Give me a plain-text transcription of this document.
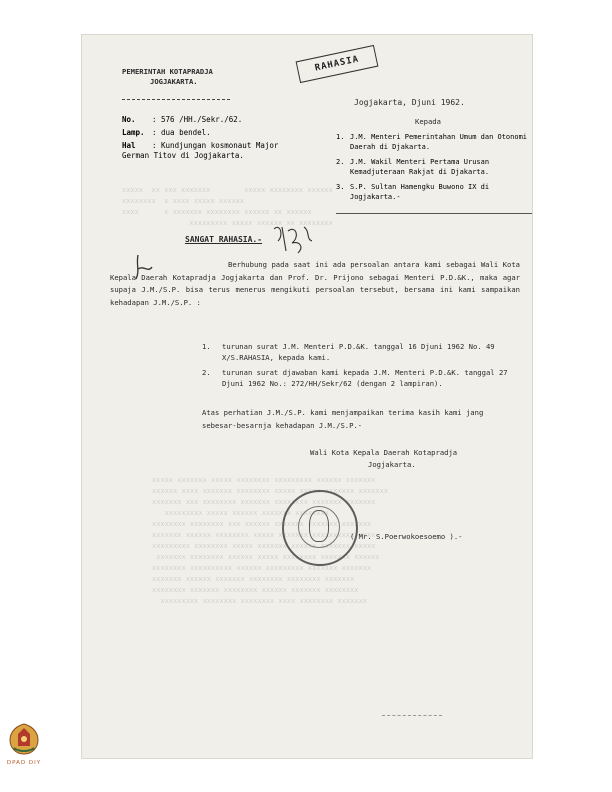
xxxxx  xx xxx xxxxxxx        xxxxx xxxxxxxx xxxxxx
xxxxxxxx  x xxxx xxxxx xxxxxx
xxxx      x xxxxxxx xxxxxxxx xxxxxx xx xxxxxx
xxxxxxxxx xxxxx xxxxxx xx xxxxxxxx
xxxxx xxxxxxx xxxxx xxxxxxxx xxxxxxxxx xxxxxx xxxxxxx
xxxxxx xxxx xxxxxxx xxxxxxxx xxxxx xxxxx xxxxxxx xxxxxxx
xxxxxxx xxx xxxxxxxx xxxxxxx xxxxxxxx xxxxxxx xxxxxxx
xxxxxxxxx xxxxx xxxxxx xxxxxxx xxxxxxxx
xxxxxxxx xxxxxxxx xxx xxxxxx xxxxxxx xxxxxxx xxxxxxx
xxxxxxx xxxxxx xxxxxxxx xxxxx xxxxxxx xxxxxxxxxx xxxx
xxxxxxxxx xxxxxxxx xxxxx xxxxxxx xxxxxx xxxxxxx xxxxx
xxxxxxx xxxxxxxx xxxxxx xxxxx xxxxxxxx xxxxxxx xxxxxx
xxxxxxxx xxxxxxxxxx xxxxxx xxxxxxxxx xxxxxxx xxxxxxx
xxxxxxx xxxxxx xxxxxxx xxxxxxxx xxxxxxxx xxxxxxx
xxxxxxxx xxxxxxx xxxxxxxx xxxxxx xxxxxxx xxxxxxxx
xxxxxxxxx xxxxxxxx xxxxxxxx xxxx xxxxxxxx xxxxxxx
PEMERINTAH KOTAPRADJA
JOGJAKARTA.
RAHASIA
Jogjakarta, Djuni 1962.
Kepada
No. : 576 /HH./Sekr./62.
Lamp. : dua bendel.
Hal : Kundjungan kosmonaut Major German Titov di Jogjakarta.
1. J.M. Menteri Pemerintahan Umum dan Otonomi Daerah di Djakarta.
2. J.M. Wakil Menteri Pertama Urusan Kemadjuteraan Rakjat di Djakarta.
3. S.P. Sultan Hamengku Buwono IX di Jogjakarta.-
SANGAT RAHASIA.-
Berhubung pada saat ini ada persoalan antara kami sebagai Wali Kota Kepala Daerah Kotapradja Jogjakarta dan Prof. Dr. Prijono sebagai Menteri P.D.&K., maka agar supaja J.M./S.P. bisa terus menerus mengikuti persoalan tersebut, bersama ini kami sampaikan kehadapan J.M./S.P. :
1. turunan surat J.M. Menteri P.D.&K. tanggal 16 Djuni 1962 No. 49 X/S.RAHASIA, kepada kami.
2. turunan surat djawaban kami kepada J.M. Menteri P.D.&K. tanggal 27 Djuni 1962 No.: 272/HH/Sekr/62 (dengan 2 lampiran).
Atas perhatian J.M./S.P. kami menjampaikan terima kasih kami jang sebesar-besarnja kehadapan J.M./S.P.-
Wali Kota Kepala Daerah Kotapradja
Jogjakarta.
( Mr. S.Poerwokoesoemo ).-
DPAD DIY
